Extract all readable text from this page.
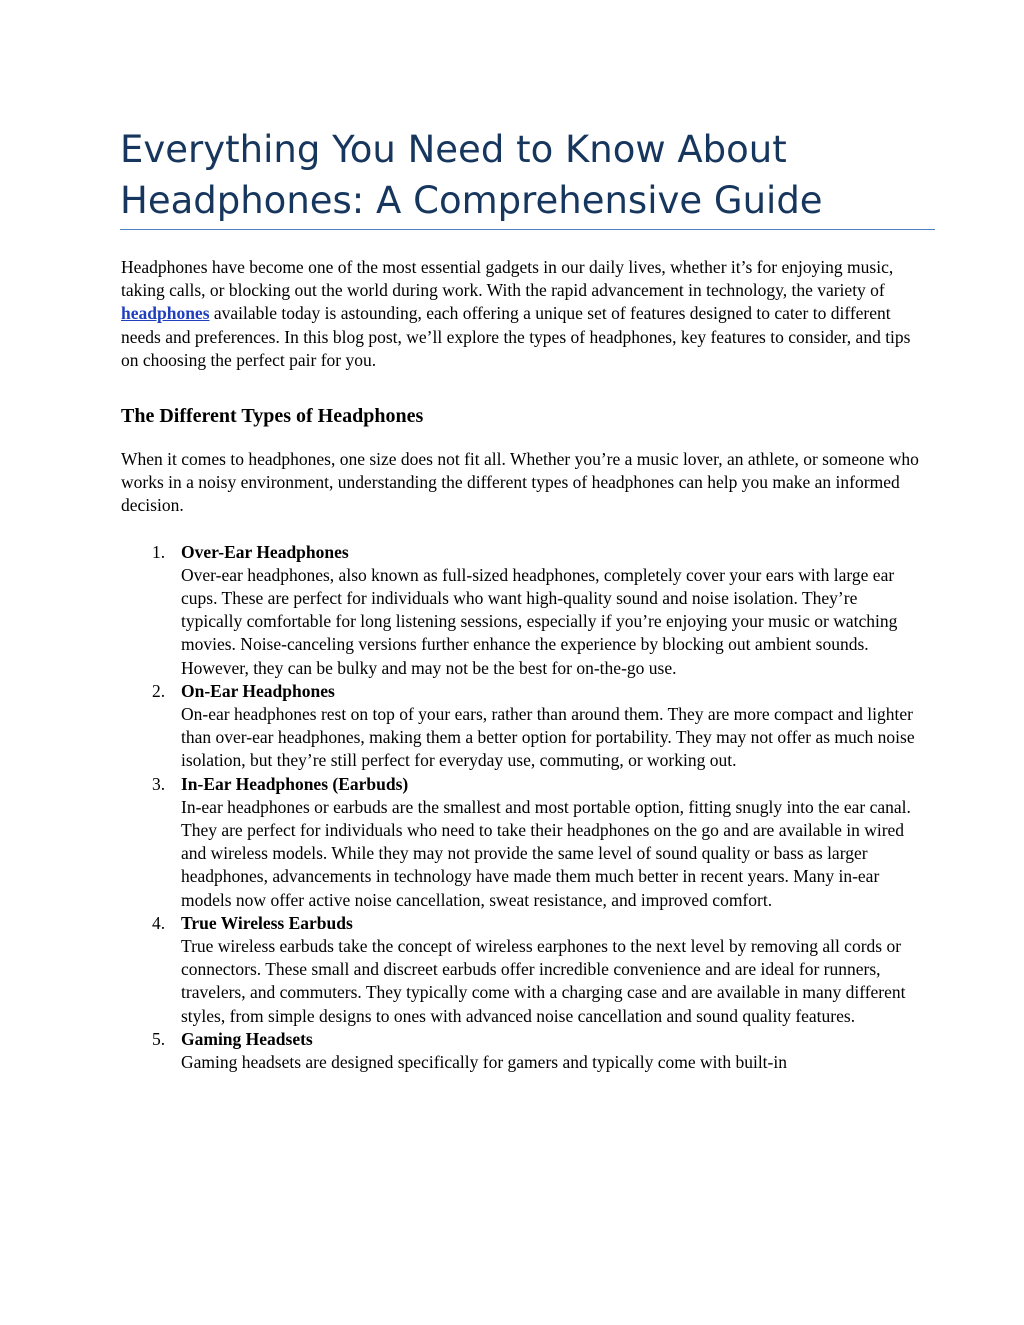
Everything You Need to Know About
Headphones: A Comprehensive Guide

Headphones have become one of the most essential gadgets in our daily lives, whether it’s for enjoying music, taking calls, or blocking out the world during work. With the rapid advancement in technology, the variety of headphones available today is astounding, each offering a unique set of features designed to cater to different needs and preferences. In this blog post, we’ll explore the types of headphones, key features to consider, and tips on choosing the perfect pair for you.

The Different Types of Headphones

When it comes to headphones, one size does not fit all. Whether you’re a music lover, an athlete, or someone who works in a noisy environment, understanding the different types of headphones can help you make an informed decision.

1. Over-Ear Headphones
Over-ear headphones, also known as full-sized headphones, completely cover your ears with large ear cups. These are perfect for individuals who want high-quality sound and noise isolation. They’re typically comfortable for long listening sessions, especially if you’re enjoying your music or watching movies. Noise-canceling versions further enhance the experience by blocking out ambient sounds. However, they can be bulky and may not be the best for on-the-go use.
2. On-Ear Headphones
On-ear headphones rest on top of your ears, rather than around them. They are more compact and lighter than over-ear headphones, making them a better option for portability. They may not offer as much noise isolation, but they’re still perfect for everyday use, commuting, or working out.
3. In-Ear Headphones (Earbuds)
In-ear headphones or earbuds are the smallest and most portable option, fitting snugly into the ear canal. They are perfect for individuals who need to take their headphones on the go and are available in wired and wireless models. While they may not provide the same level of sound quality or bass as larger headphones, advancements in technology have made them much better in recent years. Many in-ear models now offer active noise cancellation, sweat resistance, and improved comfort.
4. True Wireless Earbuds
True wireless earbuds take the concept of wireless earphones to the next level by removing all cords or connectors. These small and discreet earbuds offer incredible convenience and are ideal for runners, travelers, and commuters. They typically come with a charging case and are available in many different styles, from simple designs to ones with advanced noise cancellation and sound quality features.
5. Gaming Headsets
Gaming headsets are designed specifically for gamers and typically come with built-in
